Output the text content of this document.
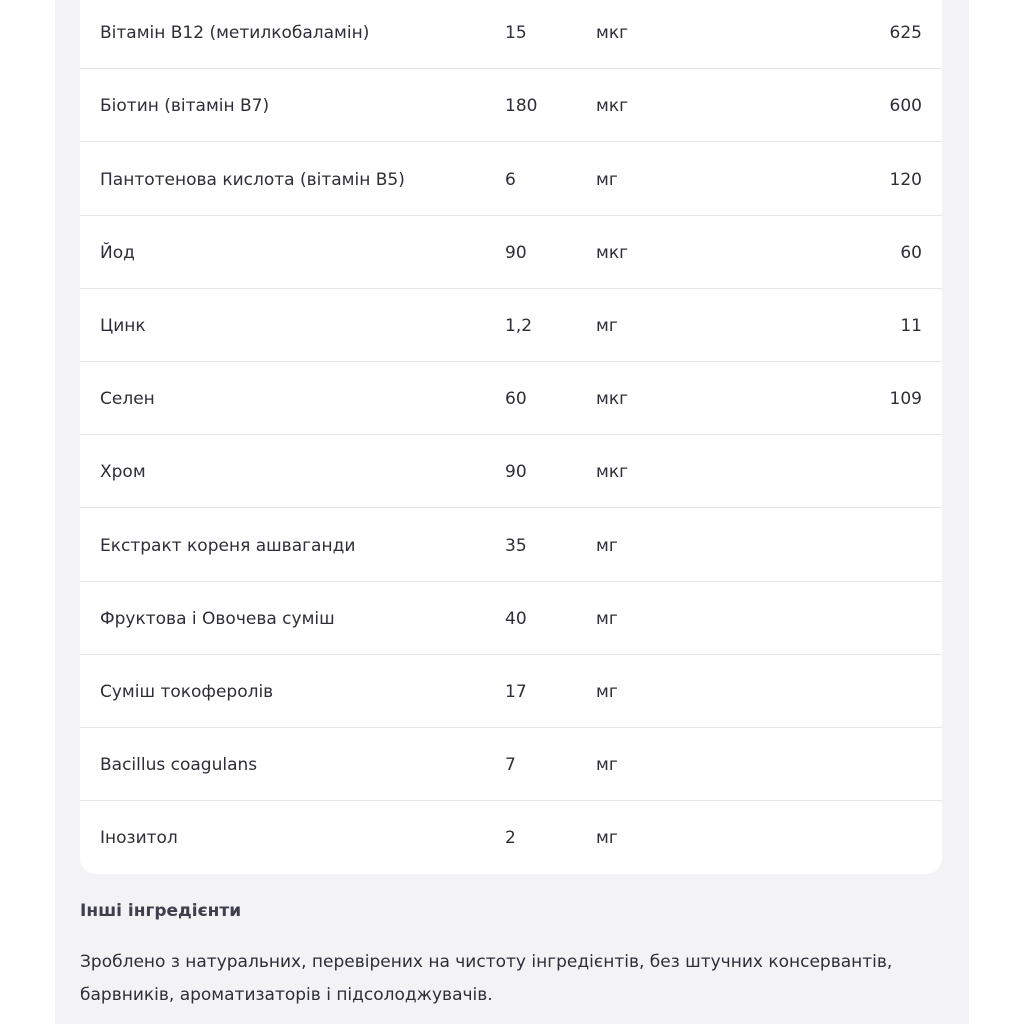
Вітамін B12 (метилкобаламін)	15	мкг	625
Біотин (вітамін В7)	180	мкг	600
Пантотенова кислота (вітамін В5)	6	мг	120
Йод	90	мкг	60
Цинк	1,2	мг	11
Селен	60	мкг	109
Хром	90	мкг
Екстракт кореня ашваганди	35	мг
Фруктова і Овочева суміш	40	мг
Суміш токоферолів	17	мг
Bacillus coagulans	7	мг
Інозитол	2	мг
Інші інгредієнти
Зроблено з натуральних, перевірених на чистоту інгредієнтів, без штучних консервантів, барвників, ароматизаторів і підсолоджувачів.
